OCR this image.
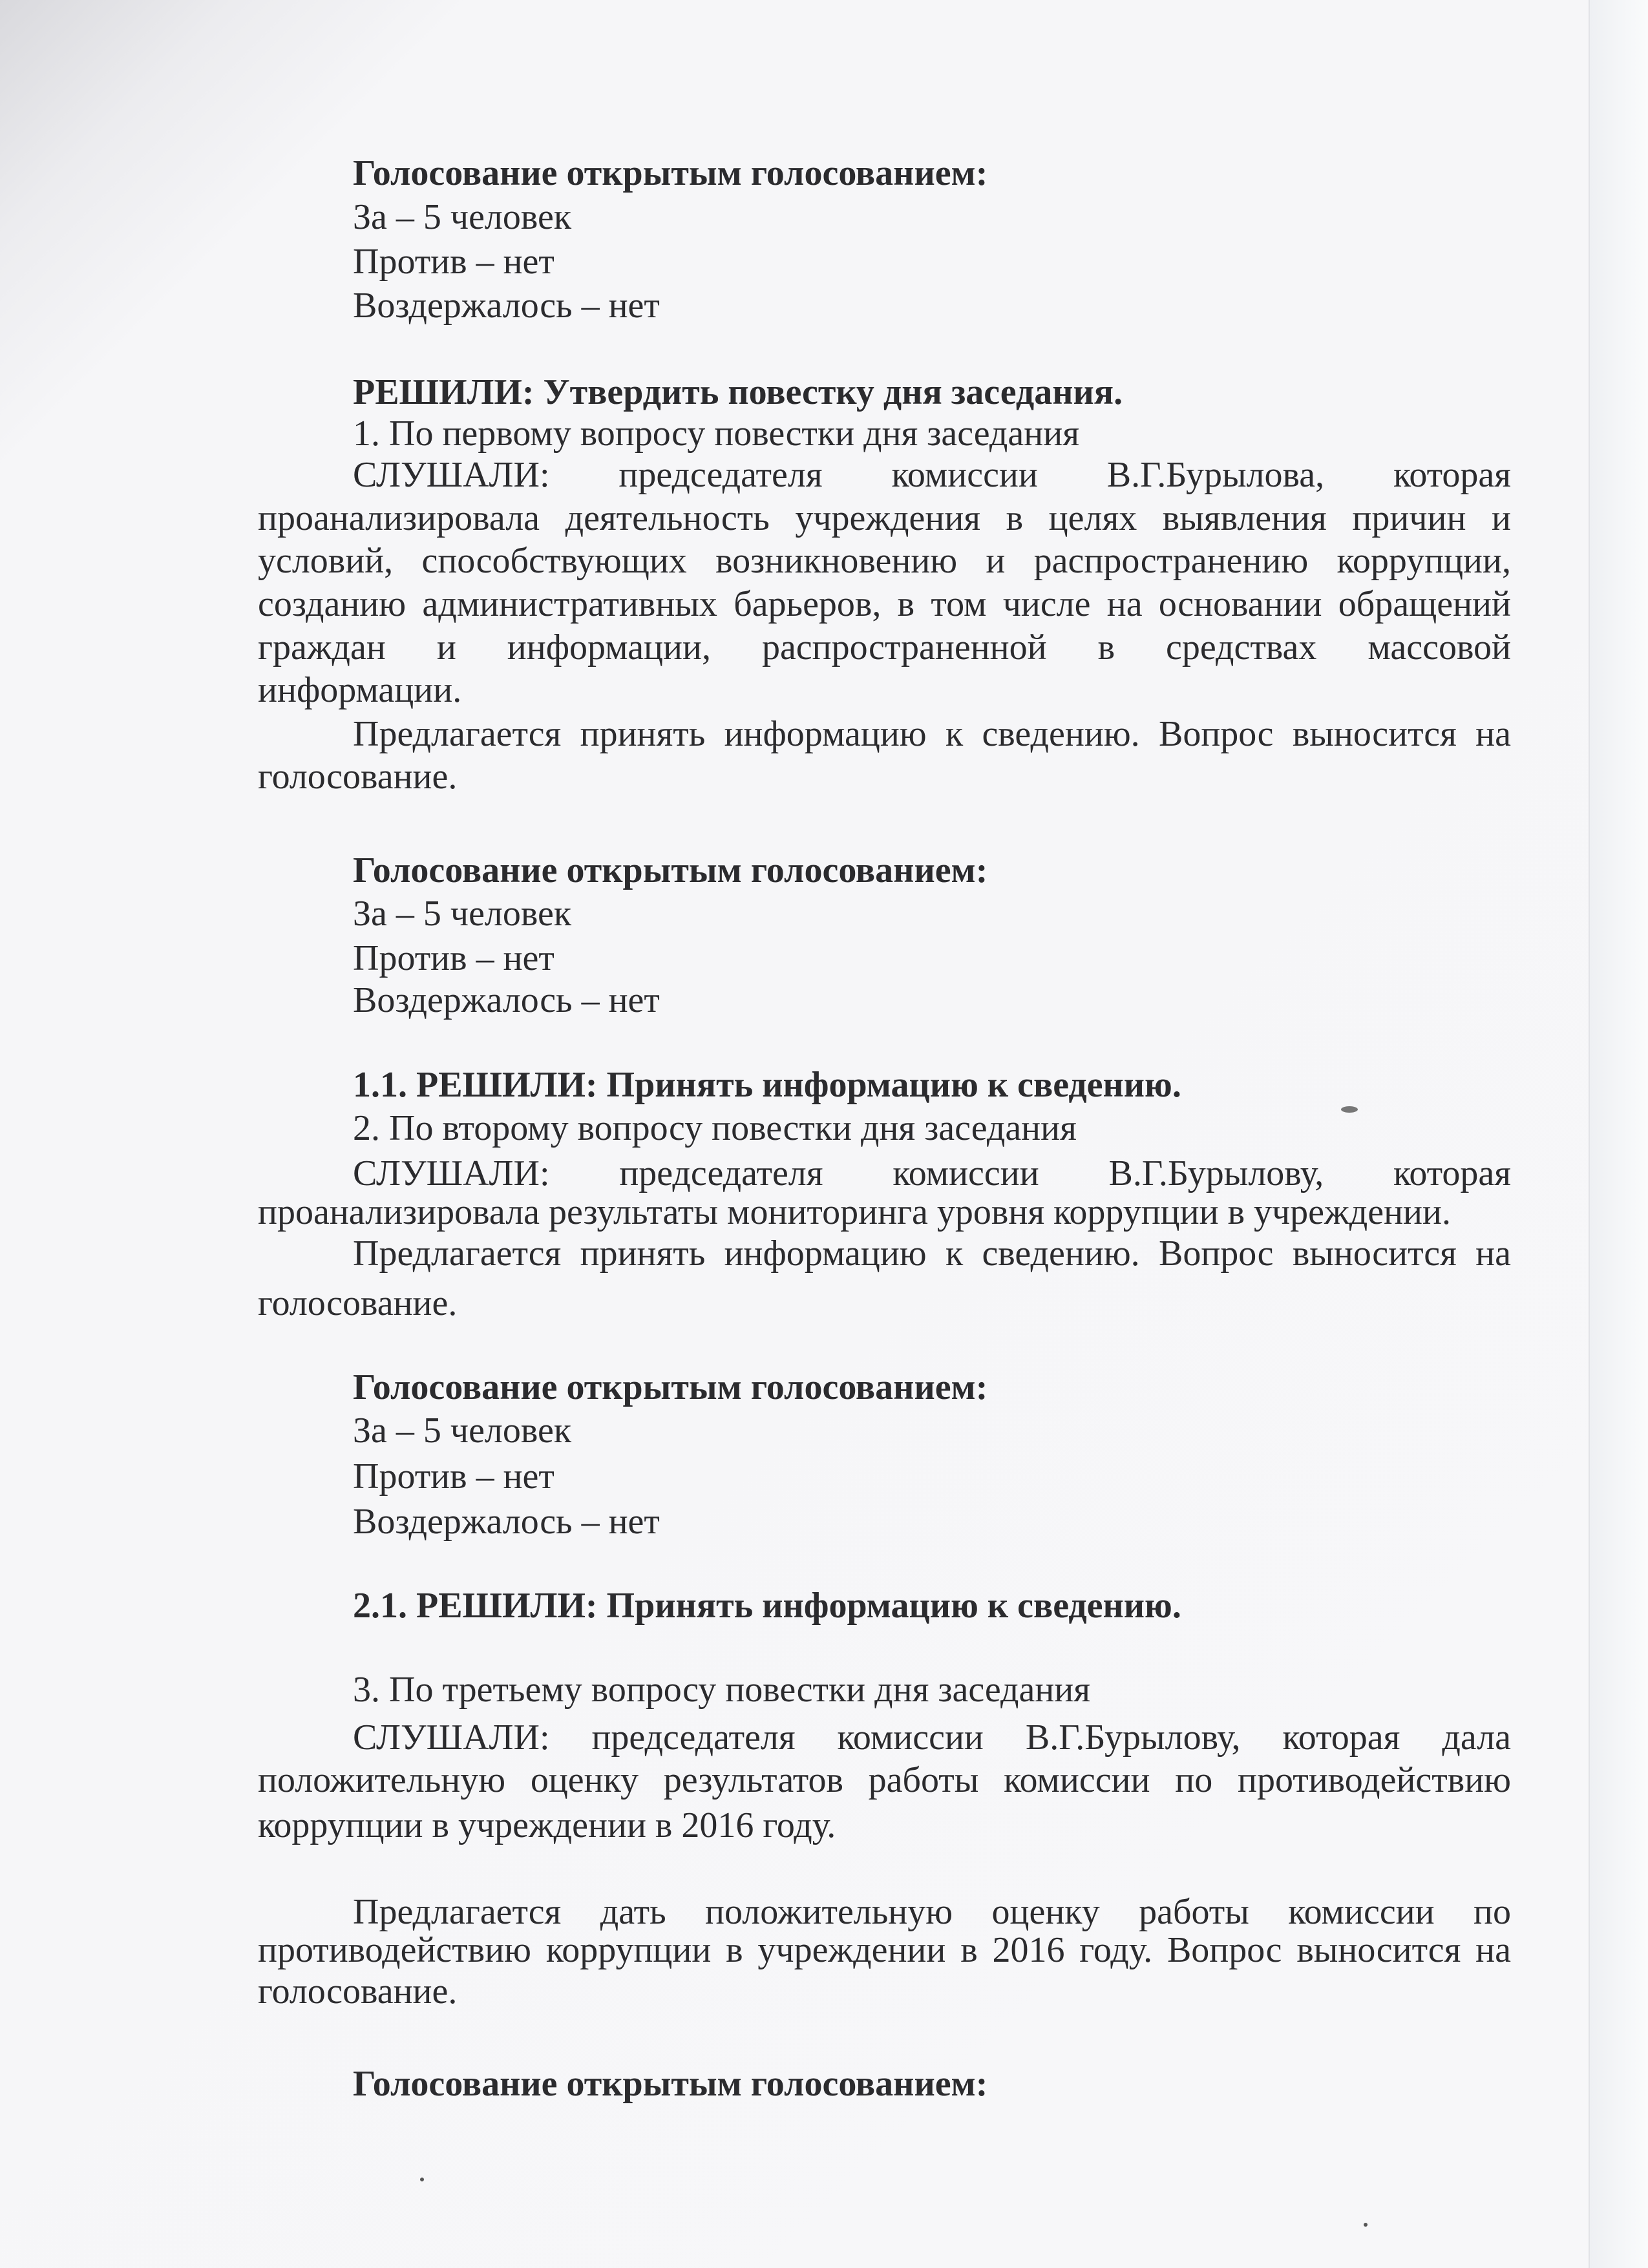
Голосование открытым голосованием:
За – 5 человек
Против – нет
Воздержалось – нет
РЕШИЛИ: Утвердить повестку дня заседания.
1. По первому вопросу повестки дня заседания
СЛУШАЛИ: председателя комиссии В.Г.Бурылова, которая
проанализировала деятельность учреждения в целях выявления причин и
условий, способствующих возникновению и распространению коррупции,
созданию административных барьеров, в том числе на основании обращений
граждан и информации, распространенной в средствах массовой
информации.
Предлагается принять информацию к сведению. Вопрос выносится на
голосование.
Голосование открытым голосованием:
За – 5 человек
Против – нет
Воздержалось – нет
1.1. РЕШИЛИ: Принять информацию к сведению.
2. По второму вопросу повестки дня заседания
СЛУШАЛИ: председателя комиссии В.Г.Бурылову, которая
проанализировала результаты мониторинга уровня коррупции в учреждении.
Предлагается принять информацию к сведению. Вопрос выносится на
голосование.
Голосование открытым голосованием:
За – 5 человек
Против – нет
Воздержалось – нет
2.1. РЕШИЛИ: Принять информацию к сведению.
3. По третьему вопросу повестки дня заседания
СЛУШАЛИ: председателя комиссии В.Г.Бурылову, которая дала
положительную оценку результатов работы комиссии по противодействию
коррупции в учреждении в 2016 году.
Предлагается дать положительную оценку работы комиссии по
противодействию коррупции в учреждении в 2016 году. Вопрос выносится на
голосование.
Голосование открытым голосованием:
